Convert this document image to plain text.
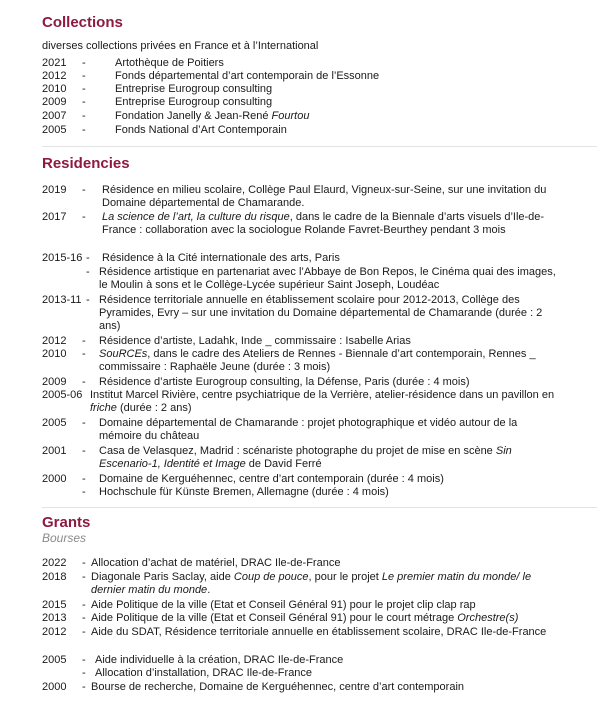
Collections

diverses collections privées en France et à l’International

2021 -	Artothèque de Poitiers
2012 -	Fonds départemental d’art contemporain de l’Essonne
2010 -	Entreprise Eurogroup consulting
2009 -	Entreprise Eurogroup consulting
2007 -	Fondation Janelly & Jean-René Fourtou
2005 -	Fonds National d’Art Contemporain
Residencies
2019 - Résidence en milieu scolaire, Collège Paul Elaurd, Vigneux-sur-Seine, sur une invitation du Domaine départemental de Chamarande.
2017 - La science de l’art, la culture du risque, dans le cadre de la Biennale d’arts visuels d’Ile-de-France : collaboration avec la sociologue Rolande Favret-Beurthey pendant 3 mois
2015-16 - Résidence à la Cité internationale des arts, Paris
- Résidence artistique en partenariat avec l’Abbaye de Bon Repos, le Cinéma quai des images, le Moulin à sons et le Collège-Lycée supérieur Saint Joseph, Loudéac
2013-11 - Résidence territoriale annuelle en établissement scolaire pour 2012-2013, Collège des Pyramides, Evry – sur une invitation du Domaine départemental de Chamarande (durée : 2 ans)
2012 - Résidence d’artiste, Ladahk, Inde _ commissaire : Isabelle Arias
2010 - SouRCEs, dans le cadre des Ateliers de Rennes - Biennale d’art contemporain, Rennes _ commissaire : Raphaële Jeune (durée : 3 mois)
2009 - Résidence d’artiste Eurogroup consulting, la Défense, Paris (durée : 4 mois)
2005-06 Institut Marcel Rivière, centre psychiatrique de la Verrière, atelier-résidence dans un pavillon en friche (durée : 2 ans)
2005 - Domaine départemental de Chamarande : projet photographique et vidéo autour de la mémoire du château
2001 - Casa de Velasquez, Madrid : scénariste photographe du projet de mise en scène Sin Escenario-1, Identité et Image de David Ferré
2000 - Domaine de Kerguéhennec, centre d’art contemporain (durée : 4 mois)
- Hochschule für Künste Bremen, Allemagne (durée : 4 mois)
Grants

Bourses

2022 - Allocation d’achat de matériel, DRAC Ile-de-France
2018 - Diagonale Paris Saclay, aide Coup de pouce, pour le projet Le premier matin du monde/ le dernier matin du monde.
2015 - Aide Politique de la ville (Etat et Conseil Général 91) pour le projet clip clap rap
2013 - Aide Politique de la ville (Etat et Conseil Général 91) pour le court métrage Orchestre(s)
2012 - Aide du SDAT, Résidence territoriale annuelle en établissement scolaire, DRAC Ile-de-France
2005 - Aide individuelle à la création, DRAC Ile-de-France
- Allocation d’installation, DRAC Ile-de-France
2000 - Bourse de recherche, Domaine de Kerguéhennec, centre d’art contemporain
